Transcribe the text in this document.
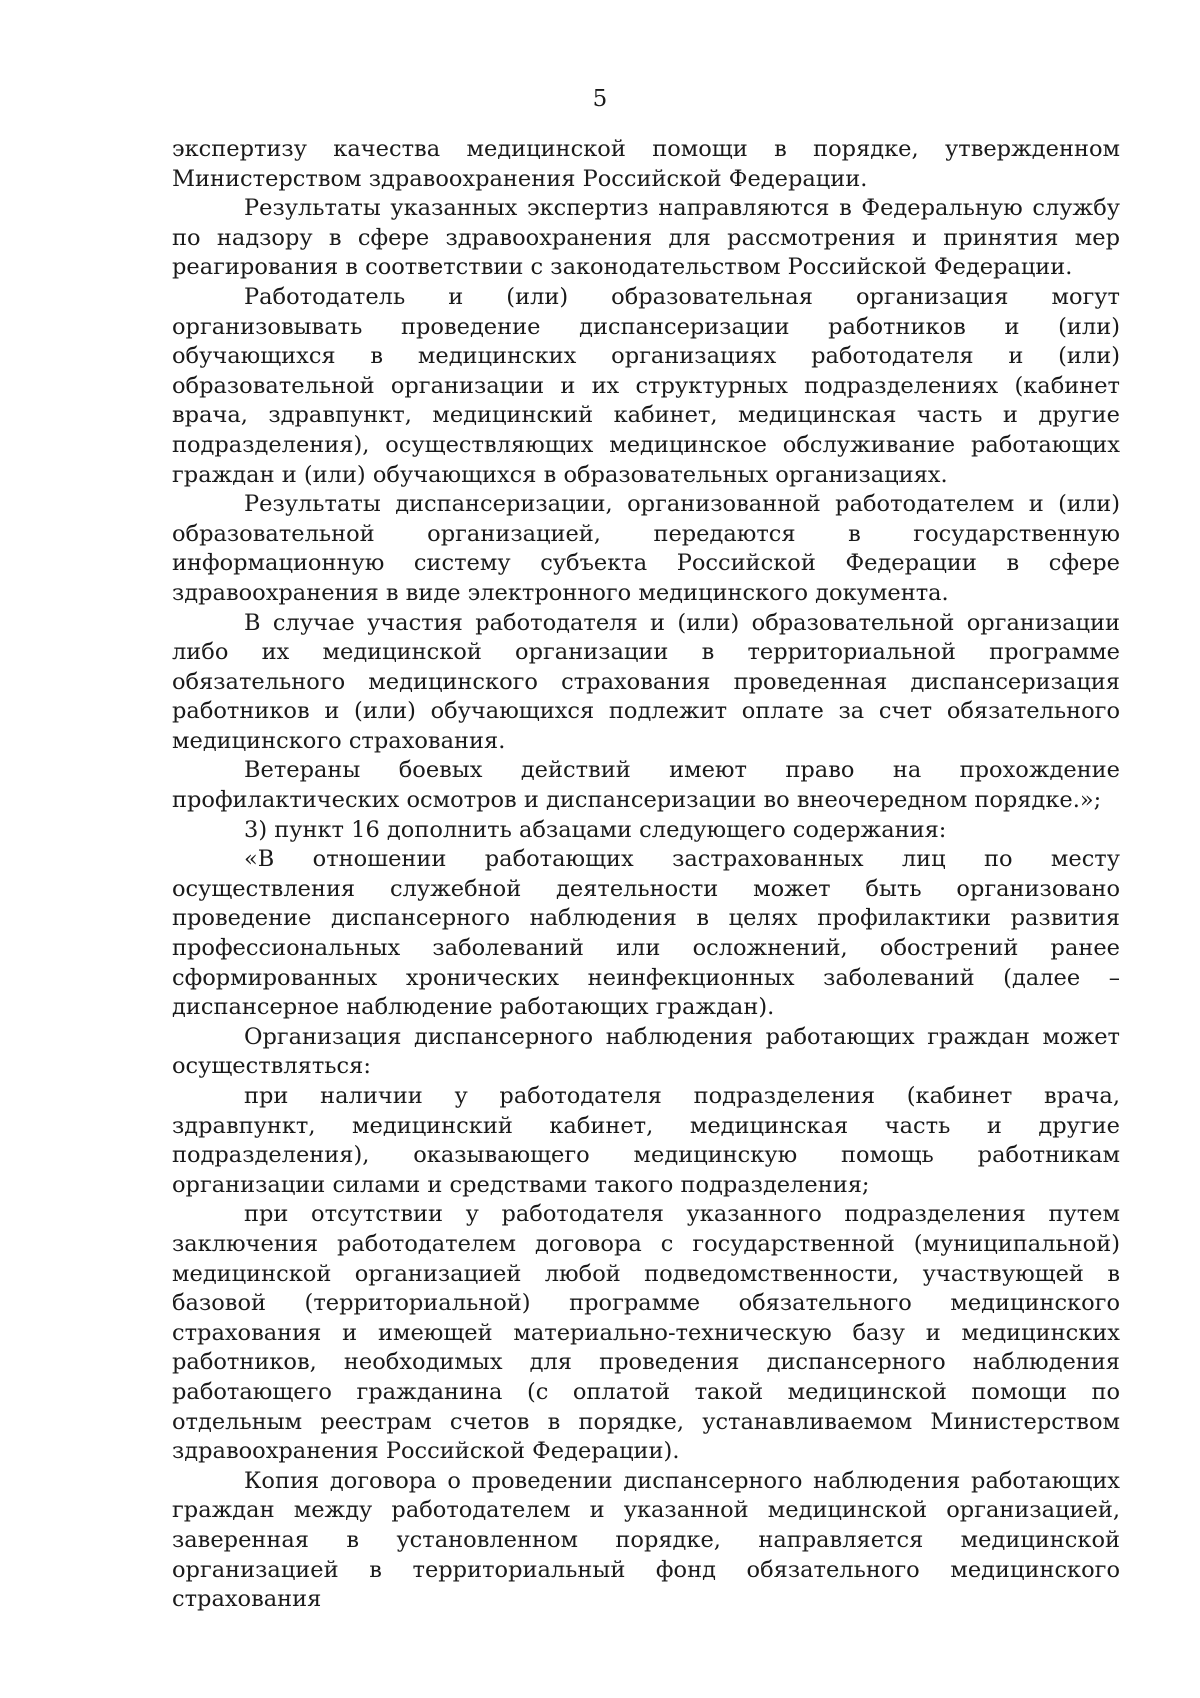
5

экспертизу качества медицинской помощи в порядке, утвержденном Министерством здравоохранения Российской Федерации.

Результаты указанных экспертиз направляются в Федеральную службу по надзору в сфере здравоохранения для рассмотрения и принятия мер реагирования в соответствии с законодательством Российской Федерации.

Работодатель и (или) образовательная организация могут организовывать проведение диспансеризации работников и (или) обучающихся в медицинских организациях работодателя и (или) образовательной организации и их структурных подразделениях (кабинет врача, здравпункт, медицинский кабинет, медицинская часть и другие подразделения), осуществляющих медицинское обслуживание работающих граждан и (или) обучающихся в образовательных организациях.

Результаты диспансеризации, организованной работодателем и (или) образовательной организацией, передаются в государственную информационную систему субъекта Российской Федерации в сфере здравоохранения в виде электронного медицинского документа.

В случае участия работодателя и (или) образовательной организации либо их медицинской организации в территориальной программе обязательного медицинского страхования проведенная диспансеризация работников и (или) обучающихся подлежит оплате за счет обязательного медицинского страхования.

Ветераны боевых действий имеют право на прохождение профилактических осмотров и диспансеризации во внеочередном порядке.»;

3) пункт 16 дополнить абзацами следующего содержания:

«В отношении работающих застрахованных лиц по месту осуществления служебной деятельности может быть организовано проведение диспансерного наблюдения в целях профилактики развития профессиональных заболеваний или осложнений, обострений ранее сформированных хронических неинфекционных заболеваний (далее – диспансерное наблюдение работающих граждан).

Организация диспансерного наблюдения работающих граждан может осуществляться:

при наличии у работодателя подразделения (кабинет врача, здравпункт, медицинский кабинет, медицинская часть и другие подразделения), оказывающего медицинскую помощь работникам организации силами и средствами такого подразделения;

при отсутствии у работодателя указанного подразделения путем заключения работодателем договора с государственной (муниципальной) медицинской организацией любой подведомственности, участвующей в базовой (территориальной) программе обязательного медицинского страхования и имеющей материально-техническую базу и медицинских работников, необходимых для проведения диспансерного наблюдения работающего гражданина (с оплатой такой медицинской помощи по отдельным реестрам счетов в порядке, устанавливаемом Министерством здравоохранения Российской Федерации).

Копия договора о проведении диспансерного наблюдения работающих граждан между работодателем и указанной медицинской организацией, заверенная в установленном порядке, направляется медицинской организацией в территориальный фонд обязательного медицинского страхования
